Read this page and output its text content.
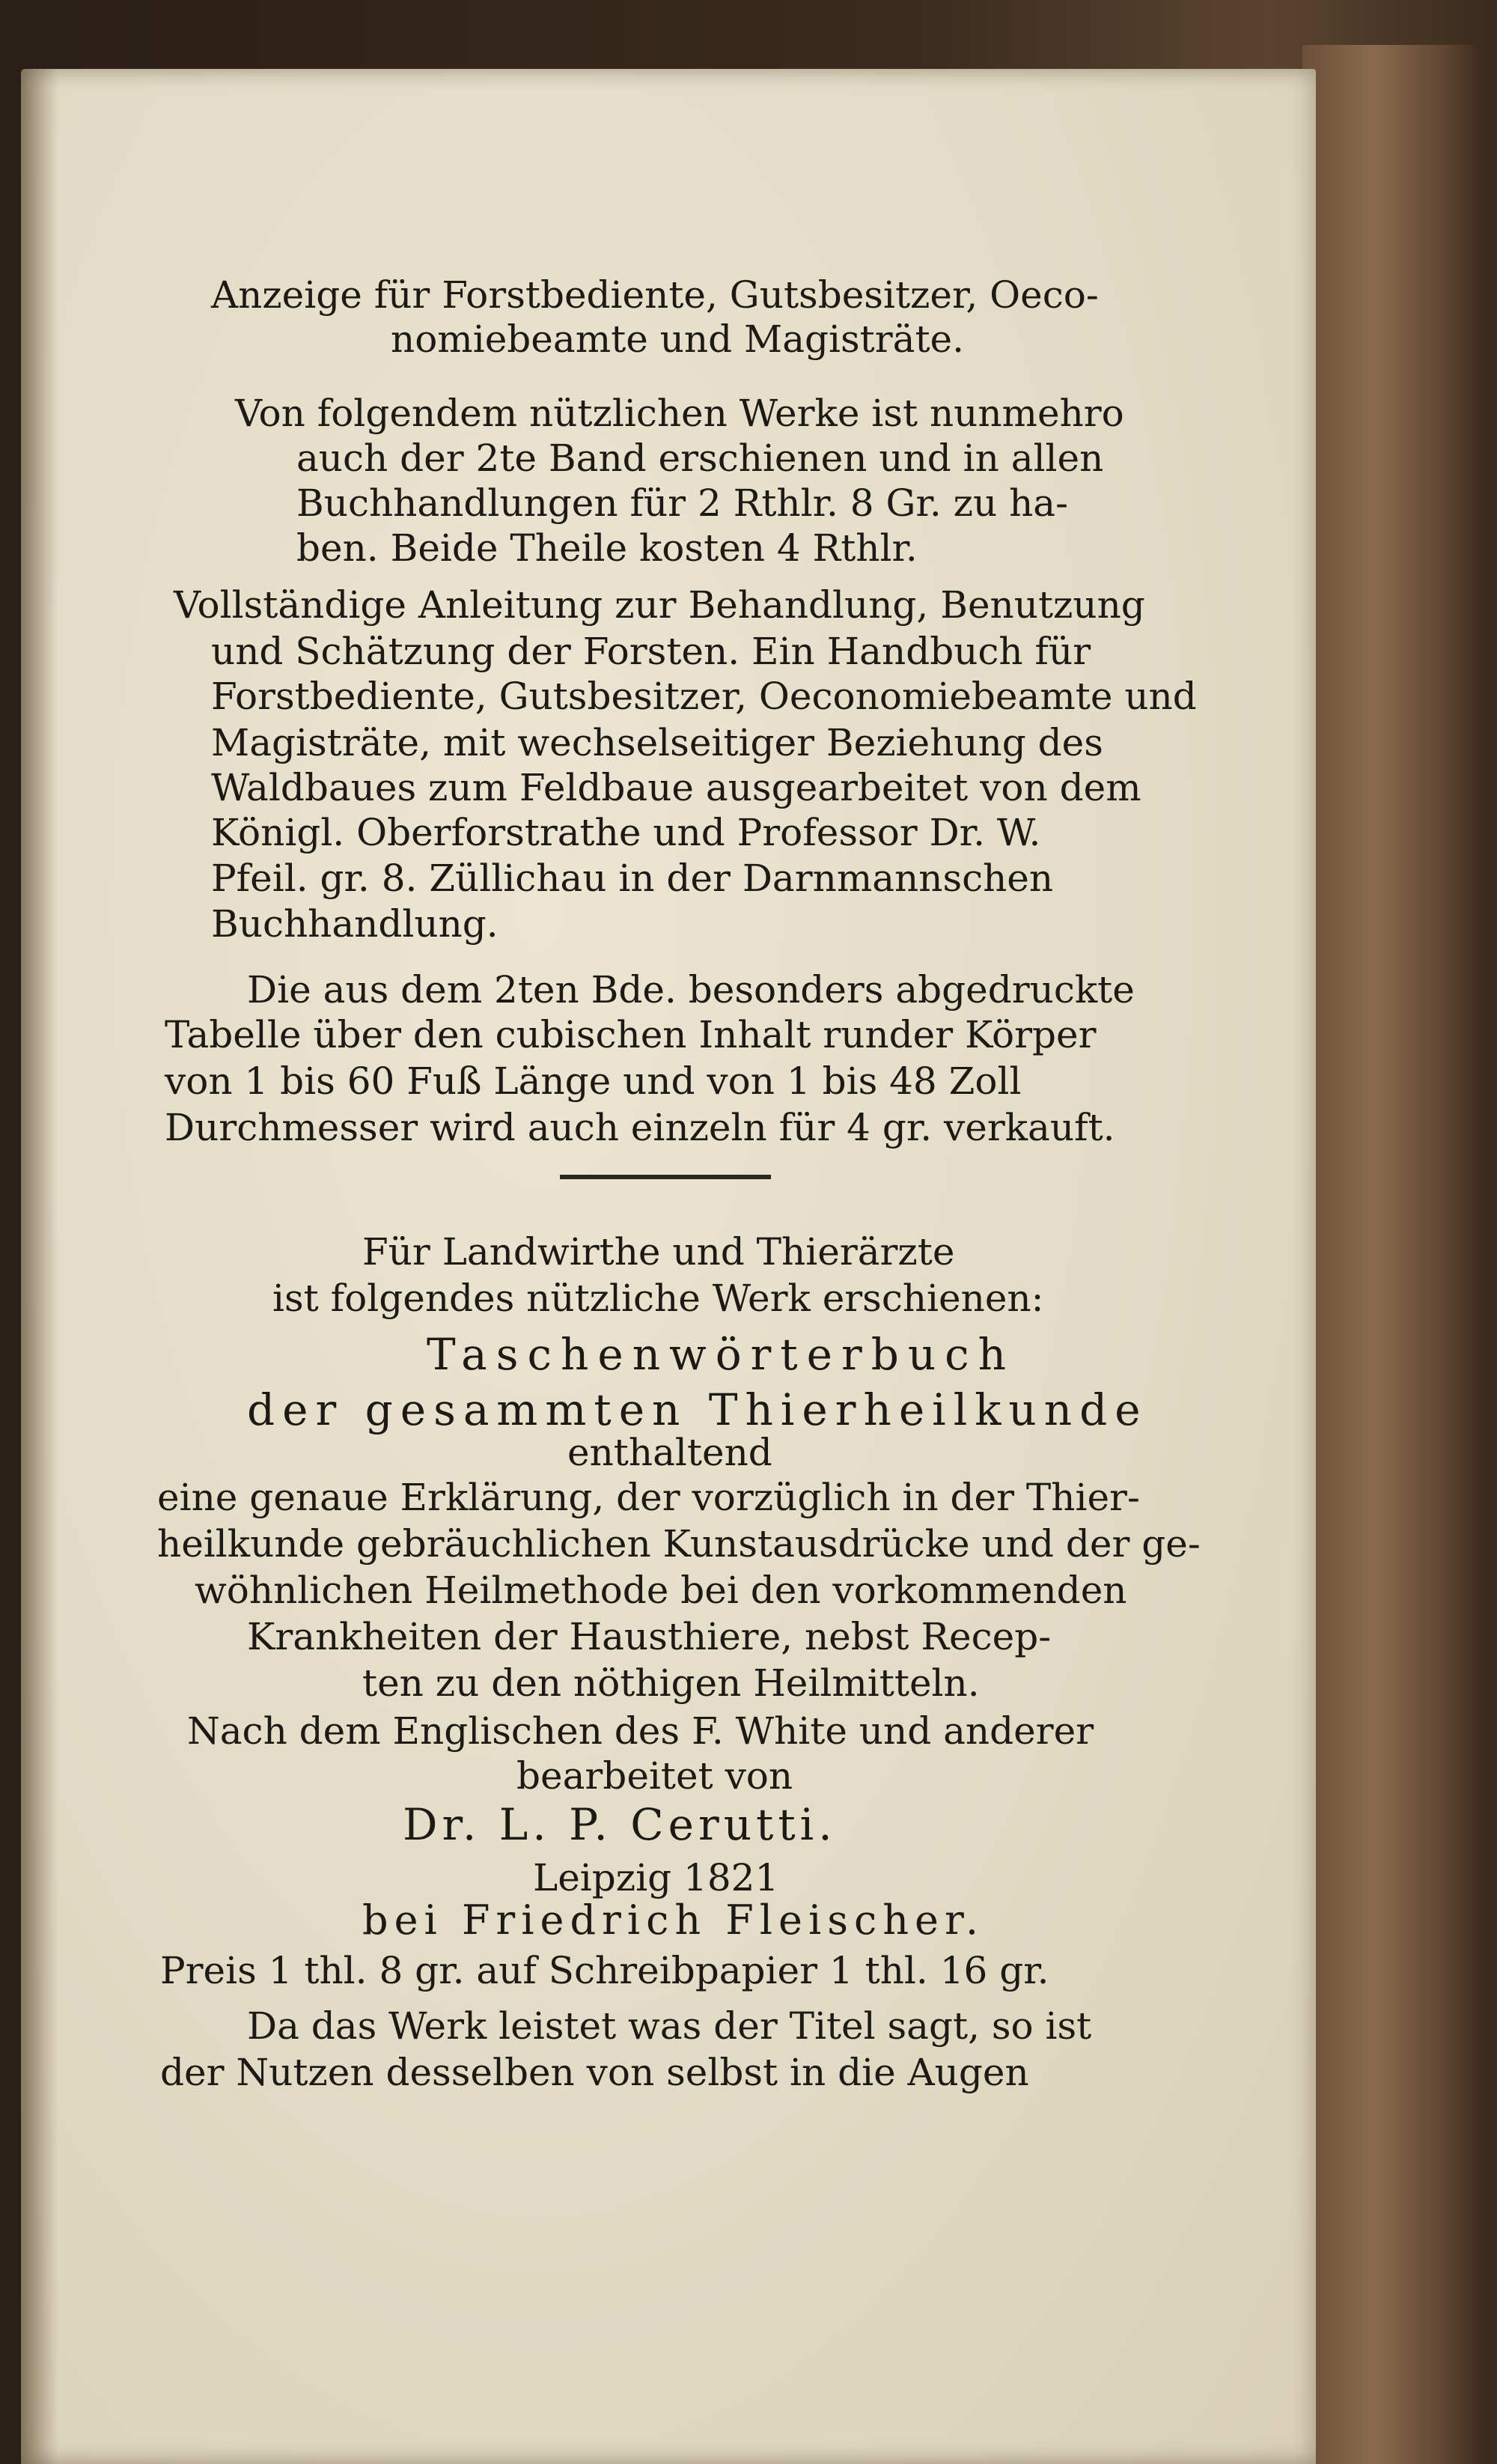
Anzeige für Forstbediente, Gutsbesitzer, Oeco-
nomiebeamte und Magisträte.
Von folgendem nützlichen Werke ist nunmehro
auch der 2te Band erschienen und in allen
Buchhandlungen für 2 Rthlr. 8 Gr. zu ha-
ben. Beide Theile kosten 4 Rthlr.
Vollständige Anleitung zur Behandlung, Benutzung
und Schätzung der Forsten. Ein Handbuch für
Forstbediente, Gutsbesitzer, Oeconomiebeamte und
Magisträte, mit wechselseitiger Beziehung des
Waldbaues zum Feldbaue ausgearbeitet von dem
Königl. Oberforstrathe und Professor Dr. W.
Pfeil. gr. 8. Züllichau in der Darnmannschen
Buchhandlung.
Die aus dem 2ten Bde. besonders abgedruckte
Tabelle über den cubischen Inhalt runder Körper
von 1 bis 60 Fuß Länge und von 1 bis 48 Zoll
Durchmesser wird auch einzeln für 4 gr. verkauft.
Für Landwirthe und Thierärzte
ist folgendes nützliche Werk erschienen:
Taschenwörterbuch
der gesammten Thierheilkunde
enthaltend
eine genaue Erklärung, der vorzüglich in der Thier-
heilkunde gebräuchlichen Kunstausdrücke und der ge-
wöhnlichen Heilmethode bei den vorkommenden
Krankheiten der Hausthiere, nebst Recep-
ten zu den nöthigen Heilmitteln.
Nach dem Englischen des F. White und anderer
bearbeitet von
Dr. L. P. Cerutti.
Leipzig 1821
bei Friedrich Fleischer.
Preis 1 thl. 8 gr. auf Schreibpapier 1 thl. 16 gr.
Da das Werk leistet was der Titel sagt, so ist
der Nutzen desselben von selbst in die Augen
